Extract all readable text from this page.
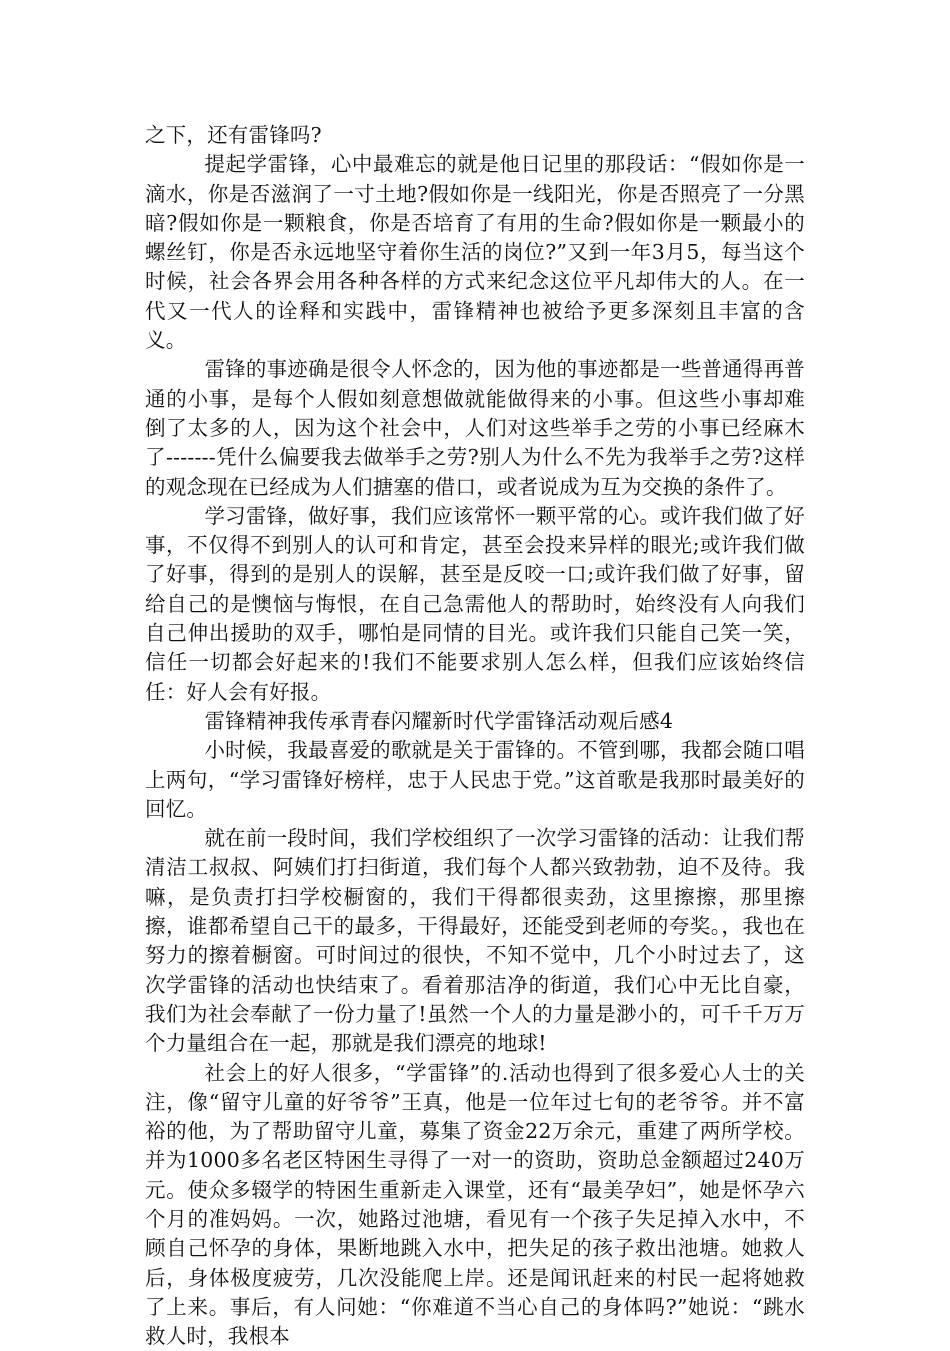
之下，还有雷锋吗?

提起学雷锋，心中最难忘的就是他日记里的那段话：“假如你是一滴水，你是否滋润了一寸土地?假如你是一线阳光，你是否照亮了一分黑暗?假如你是一颗粮食，你是否培育了有用的生命?假如你是一颗最小的螺丝钉，你是否永远地坚守着你生活的岗位?”又到一年3月5，每当这个时候，社会各界会用各种各样的方式来纪念这位平凡却伟大的人。在一代又一代人的诠释和实践中，雷锋精神也被给予更多深刻且丰富的含义。

雷锋的事迹确是很令人怀念的，因为他的事迹都是一些普通得再普通的小事，是每个人假如刻意想做就能做得来的小事。但这些小事却难倒了太多的人，因为这个社会中，人们对这些举手之劳的小事已经麻木了-------凭什么偏要我去做举手之劳?别人为什么不先为我举手之劳?这样的观念现在已经成为人们搪塞的借口，或者说成为互为交换的条件了。

学习雷锋，做好事，我们应该常怀一颗平常的心。或许我们做了好事，不仅得不到别人的认可和肯定，甚至会投来异样的眼光;或许我们做了好事，得到的是别人的误解，甚至是反咬一口;或许我们做了好事，留给自己的是懊恼与悔恨，在自己急需他人的帮助时，始终没有人向我们自己伸出援助的双手，哪怕是同情的目光。或许我们只能自己笑一笑，信任一切都会好起来的!我们不能要求别人怎么样，但我们应该始终信任：好人会有好报。

雷锋精神我传承青春闪耀新时代学雷锋活动观后感4

小时候，我最喜爱的歌就是关于雷锋的。不管到哪，我都会随口唱上两句，“学习雷锋好榜样，忠于人民忠于党。”这首歌是我那时最美好的回忆。

就在前一段时间，我们学校组织了一次学习雷锋的活动：让我们帮清洁工叔叔、阿姨们打扫街道，我们每个人都兴致勃勃，迫不及待。我嘛，是负责打扫学校橱窗的，我们干得都很卖劲，这里擦擦，那里擦擦，谁都希望自己干的最多，干得最好，还能受到老师的夸奖。，我也在努力的擦着橱窗。可时间过的很快，不知不觉中，几个小时过去了，这次学雷锋的活动也快结束了。看着那洁净的街道，我们心中无比自豪，我们为社会奉献了一份力量了!虽然一个人的力量是渺小的，可千千万万个力量组合在一起，那就是我们漂亮的地球!

社会上的好人很多，“学雷锋”的.活动也得到了很多爱心人士的关注，像“留守儿童的好爷爷”王真，他是一位年过七旬的老爷爷。并不富裕的他，为了帮助留守儿童，募集了资金22万余元，重建了两所学校。并为1000多名老区特困生寻得了一对一的资助，资助总金额超过240万元。使众多辍学的特困生重新走入课堂，还有“最美孕妇”，她是怀孕六个月的准妈妈。一次，她路过池塘，看见有一个孩子失足掉入水中，不顾自己怀孕的身体，果断地跳入水中，把失足的孩子救出池塘。她救人后，身体极度疲劳，几次没能爬上岸。还是闻讯赶来的村民一起将她救了上来。事后，有人问她：“你难道不当心自己的身体吗?”她说：“跳水救人时，我根本
